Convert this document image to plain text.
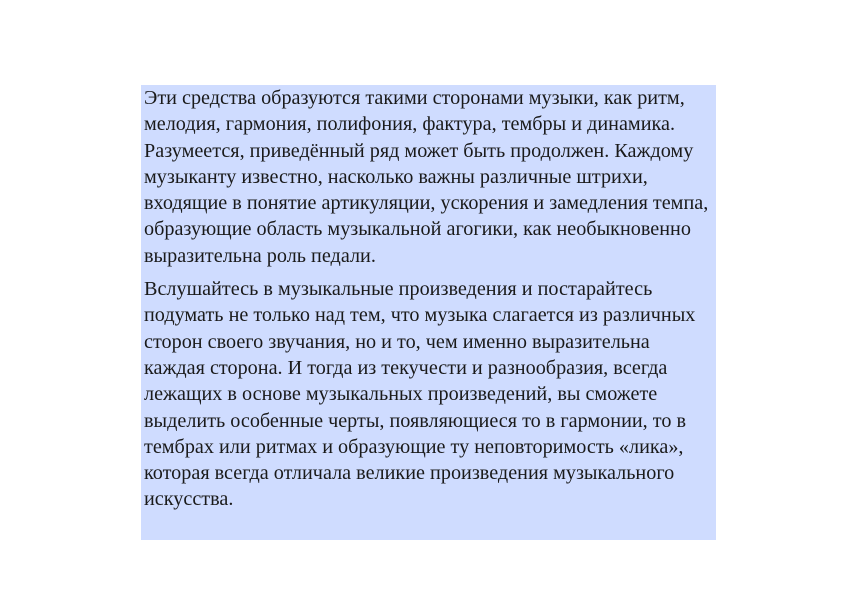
Эти средства образуются такими сторонами музыки, как ритм, мелодия, гармония, полифония, фактура, тембры и динамика. Разумеется, приведённый ряд может быть продолжен. Каждому музыканту известно, насколько важны различные штрихи, входящие в понятие артикуляции, ускорения и замедления темпа, образующие область музыкальной агогики, как необыкновенно выразительна роль педали.

Вслушайтесь в музыкальные произведения и постарайтесь подумать не только над тем, что музыка слагается из различных сторон своего звучания, но и то, чем именно выразительна каждая сторона. И тогда из текучести и разнообразия, всегда лежащих в основе музыкальных произведений, вы сможете выделить особенные черты, появляющиеся то в гармонии, то в тембрах или ритмах и образующие ту неповторимость «лика», которая всегда отличала великие произведения музыкального искусства.
